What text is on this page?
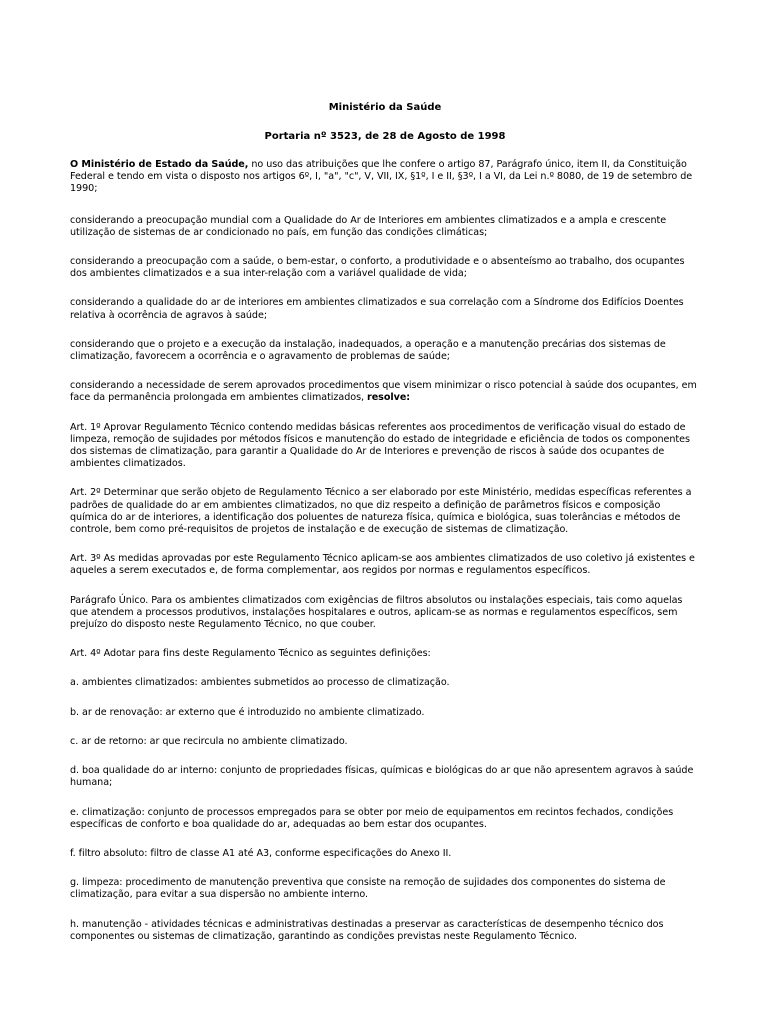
Ministério da Saúde
Portaria nº 3523, de 28 de Agosto de 1998

O Ministério de Estado da Saúde, no uso das atribuições que lhe confere o artigo 87, Parágrafo único, item II, da Constituição Federal e tendo em vista o disposto nos artigos 6º, I, "a", "c", V, VII, IX, §1º, I e II, §3º, I a VI, da Lei n.º 8080, de 19 de setembro de 1990;

considerando a preocupação mundial com a Qualidade do Ar de Interiores em ambientes climatizados e a ampla e crescente utilização de sistemas de ar condicionado no país, em função das condições climáticas;

considerando a preocupação com a saúde, o bem-estar, o conforto, a produtividade e o absenteísmo ao trabalho, dos ocupantes dos ambientes climatizados e a sua inter-relação com a variável qualidade de vida;

considerando a qualidade do ar de interiores em ambientes climatizados e sua correlação com a Síndrome dos Edifícios Doentes relativa à ocorrência de agravos à saúde;

considerando que o projeto e a execução da instalação, inadequados, a operação e a manutenção precárias dos sistemas de climatização, favorecem a ocorrência e o agravamento de problemas de saúde;

considerando a necessidade de serem aprovados procedimentos que visem minimizar o risco potencial à saúde dos ocupantes, em face da permanência prolongada em ambientes climatizados, resolve:

Art. 1º Aprovar Regulamento Técnico contendo medidas básicas referentes aos procedimentos de verificação visual do estado de limpeza, remoção de sujidades por métodos físicos e manutenção do estado de integridade e eficiência de todos os componentes dos sistemas de climatização, para garantir a Qualidade do Ar de Interiores e prevenção de riscos à saúde dos ocupantes de ambientes climatizados.

Art. 2º Determinar que serão objeto de Regulamento Técnico a ser elaborado por este Ministério, medidas específicas referentes a padrões de qualidade do ar em ambientes climatizados, no que diz respeito a definição de parâmetros físicos e composição química do ar de interiores, a identificação dos poluentes de natureza física, química e biológica, suas tolerâncias e métodos de controle, bem como pré-requisitos de projetos de instalação e de execução de sistemas de climatização.

Art. 3º As medidas aprovadas por este Regulamento Técnico aplicam-se aos ambientes climatizados de uso coletivo já existentes e aqueles a serem executados e, de forma complementar, aos regidos por normas e regulamentos específicos.

Parágrafo Único. Para os ambientes climatizados com exigências de filtros absolutos ou instalações especiais, tais como aquelas que atendem a processos produtivos, instalações hospitalares e outros, aplicam-se as normas e regulamentos específicos, sem prejuízo do disposto neste Regulamento Técnico, no que couber.

Art. 4º Adotar para fins deste Regulamento Técnico as seguintes definições:

a. ambientes climatizados: ambientes submetidos ao processo de climatização.

b. ar de renovação: ar externo que é introduzido no ambiente climatizado.

c. ar de retorno: ar que recircula no ambiente climatizado.

d. boa qualidade do ar interno: conjunto de propriedades físicas, químicas e biológicas do ar que não apresentem agravos à saúde humana;

e. climatização: conjunto de processos empregados para se obter por meio de equipamentos em recintos fechados, condições específicas de conforto e boa qualidade do ar, adequadas ao bem estar dos ocupantes.

f. filtro absoluto: filtro de classe A1 até A3, conforme especificações do Anexo II.

g. limpeza: procedimento de manutenção preventiva que consiste na remoção de sujidades dos componentes do sistema de climatização, para evitar a sua dispersão no ambiente interno.

h. manutenção - atividades técnicas e administrativas destinadas a preservar as características de desempenho técnico dos componentes ou sistemas de climatização, garantindo as condições previstas neste Regulamento Técnico.
